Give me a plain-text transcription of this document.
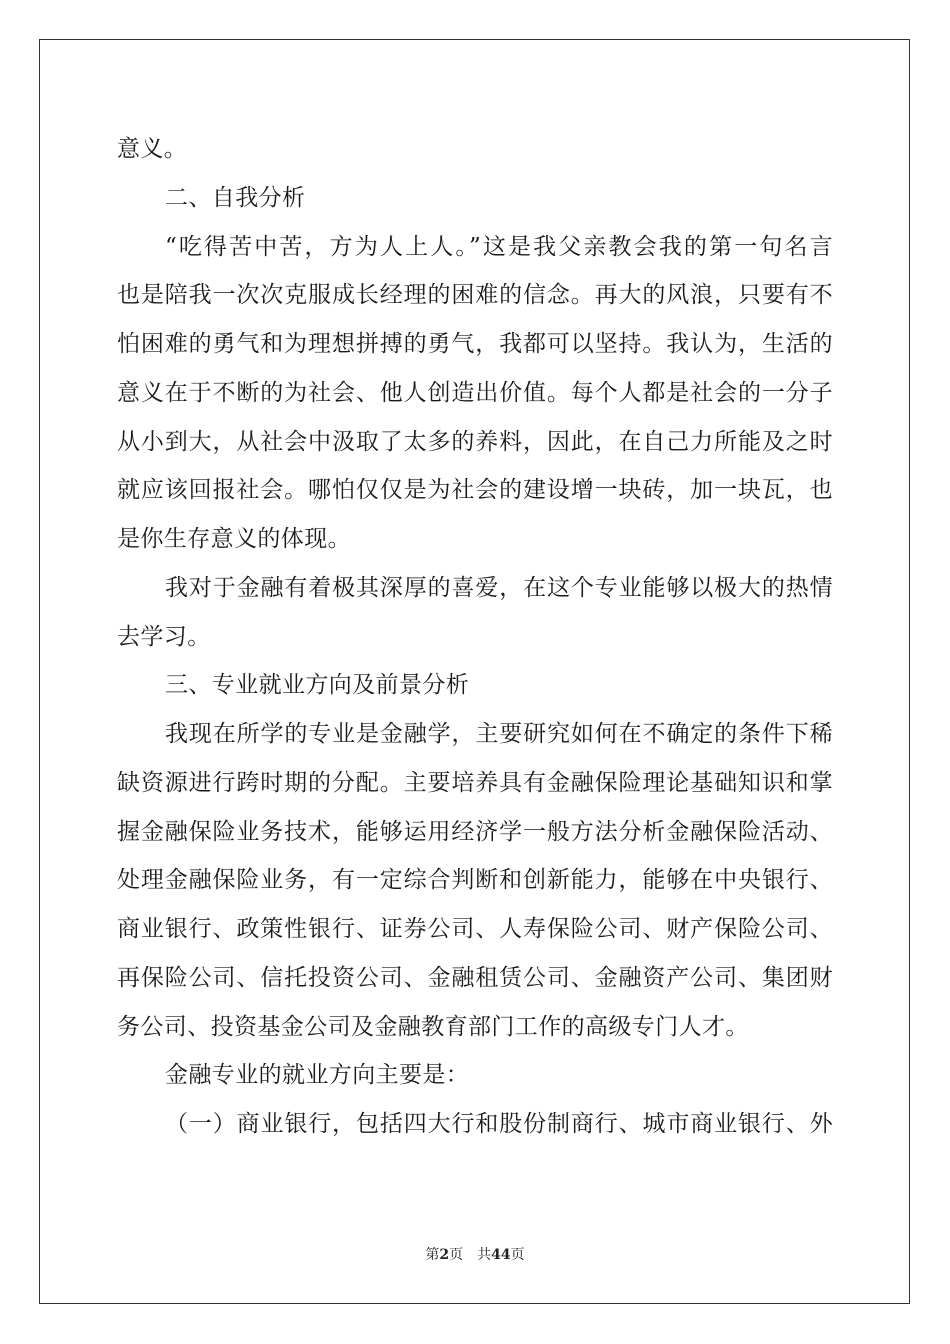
意义。
二、自我分析
“吃得苦中苦，方为人上人。”这是我父亲教会我的第一句名言
也是陪我一次次克服成长经理的困难的信念。再大的风浪，只要有不
怕困难的勇气和为理想拼搏的勇气，我都可以坚持。我认为，生活的
意义在于不断的为社会、他人创造出价值。每个人都是社会的一分子
从小到大，从社会中汲取了太多的养料，因此，在自己力所能及之时
就应该回报社会。哪怕仅仅是为社会的建设增一块砖，加一块瓦，也
是你生存意义的体现。
我对于金融有着极其深厚的喜爱，在这个专业能够以极大的热情
去学习。
三、专业就业方向及前景分析
我现在所学的专业是金融学，主要研究如何在不确定的条件下稀
缺资源进行跨时期的分配。主要培养具有金融保险理论基础知识和掌
握金融保险业务技术，能够运用经济学一般方法分析金融保险活动、
处理金融保险业务，有一定综合判断和创新能力，能够在中央银行、
商业银行、政策性银行、证券公司、人寿保险公司、财产保险公司、
再保险公司、信托投资公司、金融租赁公司、金融资产公司、集团财
务公司、投资基金公司及金融教育部门工作的高级专门人才。
金融专业的就业方向主要是：
（一）商业银行，包括四大行和股份制商行、城市商业银行、外
第2页 共44页
